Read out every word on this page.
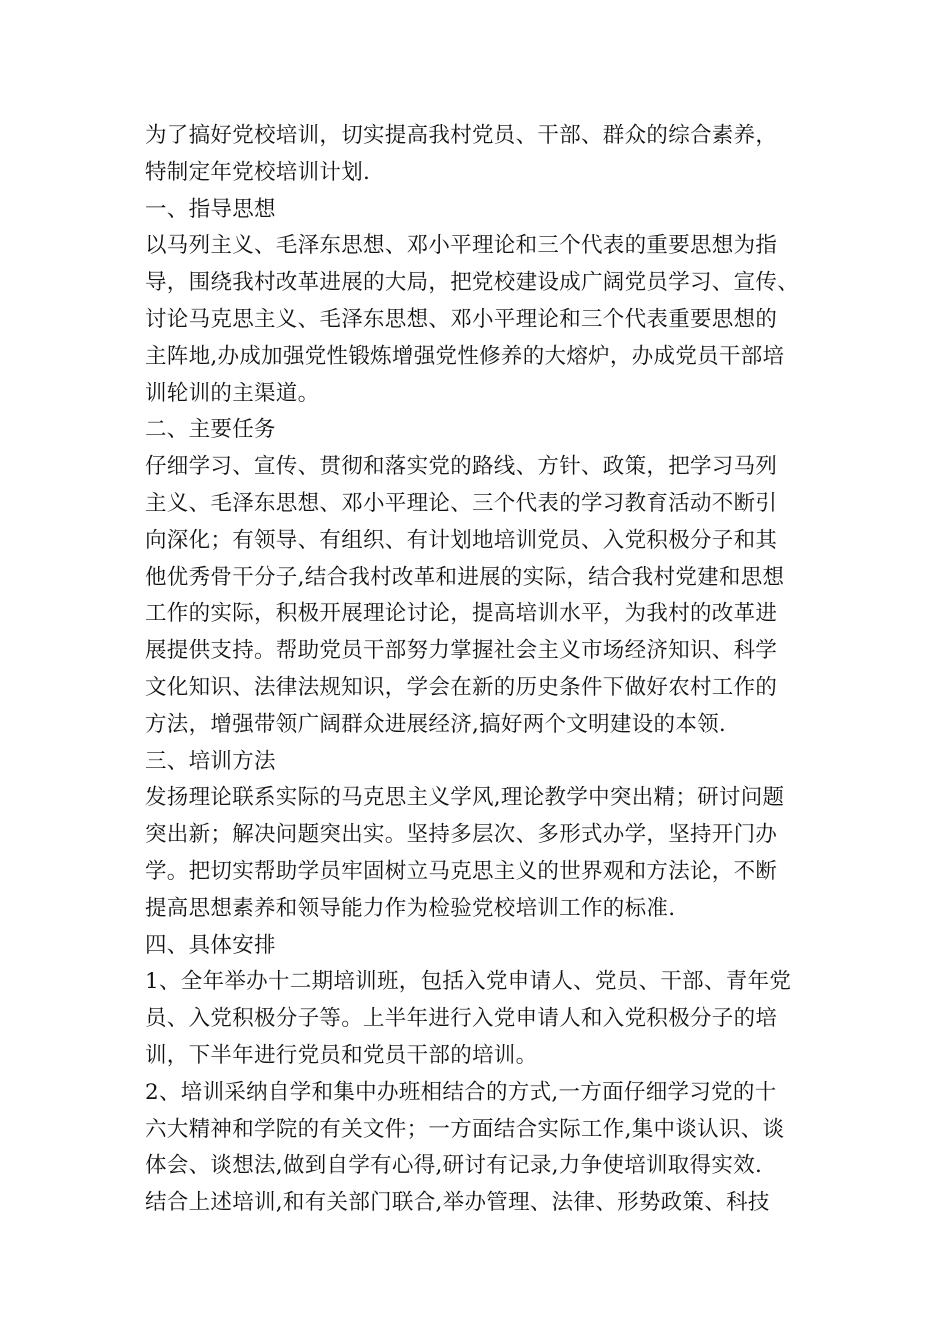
为了搞好党校培训，切实提高我村党员、干部、群众的综合素养，
特制定年党校培训计划.
一、指导思想
以马列主义、毛泽东思想、邓小平理论和三个代表的重要思想为指
导，围绕我村改革进展的大局，把党校建设成广阔党员学习、宣传、
讨论马克思主义、毛泽东思想、邓小平理论和三个代表重要思想的
主阵地,办成加强党性锻炼增强党性修养的大熔炉，办成党员干部培
训轮训的主渠道。
二、主要任务
仔细学习、宣传、贯彻和落实党的路线、方针、政策，把学习马列
主义、毛泽东思想、邓小平理论、三个代表的学习教育活动不断引
向深化；有领导、有组织、有计划地培训党员、入党积极分子和其
他优秀骨干分子,结合我村改革和进展的实际，结合我村党建和思想
工作的实际，积极开展理论讨论，提高培训水平，为我村的改革进
展提供支持。帮助党员干部努力掌握社会主义市场经济知识、科学
文化知识、法律法规知识，学会在新的历史条件下做好农村工作的
方法，增强带领广阔群众进展经济,搞好两个文明建设的本领.
三、培训方法
发扬理论联系实际的马克思主义学风,理论教学中突出精；研讨问题
突出新；解决问题突出实。坚持多层次、多形式办学，坚持开门办
学。把切实帮助学员牢固树立马克思主义的世界观和方法论，不断
提高思想素养和领导能力作为检验党校培训工作的标准.
四、具体安排
1、全年举办十二期培训班，包括入党申请人、党员、干部、青年党
员、入党积极分子等。上半年进行入党申请人和入党积极分子的培
训，下半年进行党员和党员干部的培训。
2、培训采纳自学和集中办班相结合的方式,一方面仔细学习党的十
六大精神和学院的有关文件；一方面结合实际工作,集中谈认识、谈
体会、谈想法,做到自学有心得,研讨有记录,力争使培训取得实效.
结合上述培训,和有关部门联合,举办管理、法律、形势政策、科技
